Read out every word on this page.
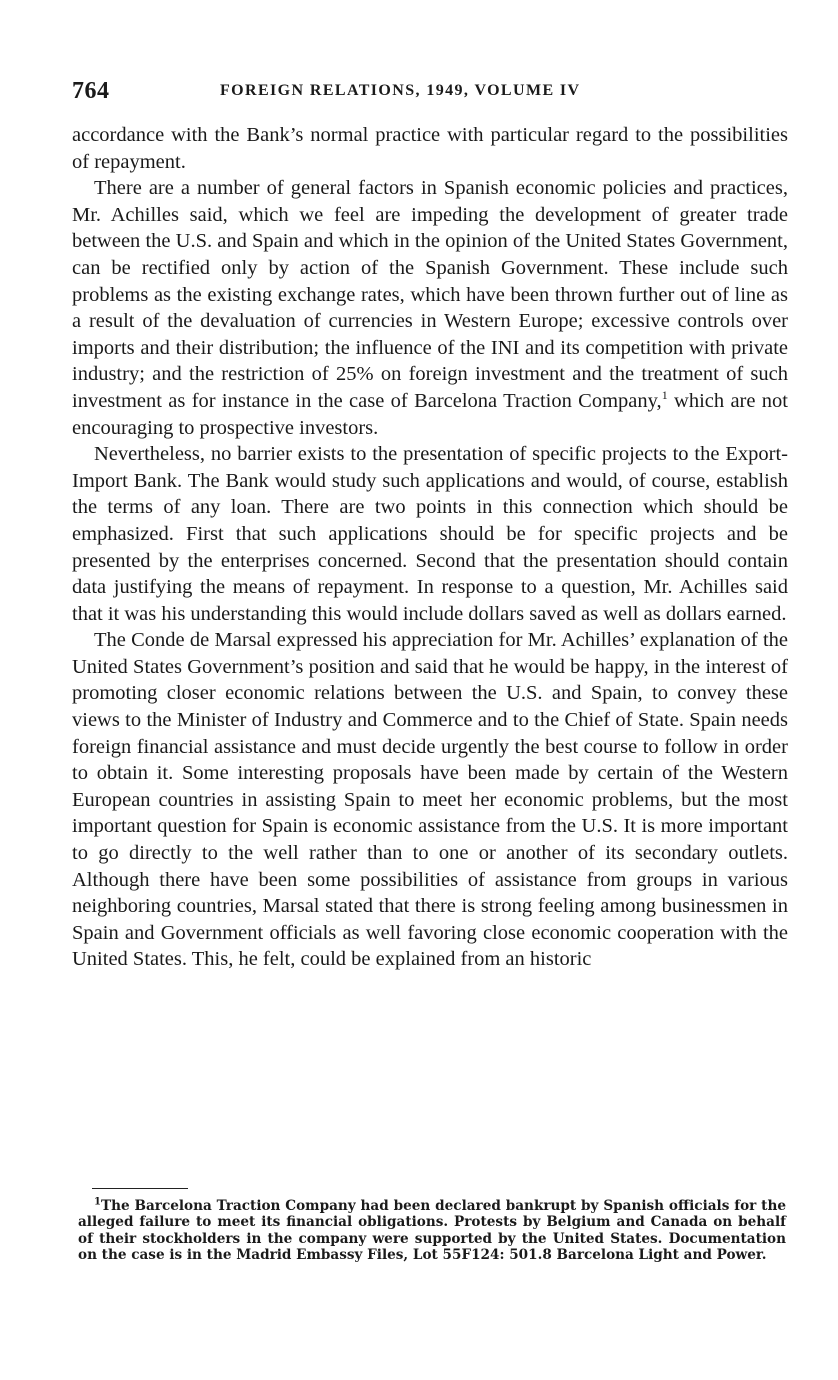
764	FOREIGN RELATIONS, 1949, VOLUME IV

accordance with the Bank’s normal practice with particular regard to the possibilities of repayment.

There are a number of general factors in Spanish economic policies and practices, Mr. Achilles said, which we feel are impeding the development of greater trade between the U.S. and Spain and which in the opinion of the United States Government, can be rectified only by action of the Spanish Government. These include such problems as the existing exchange rates, which have been thrown further out of line as a result of the devaluation of currencies in Western Europe; excessive controls over imports and their distribution; the influence of the INI and its competition with private industry; and the restriction of 25% on foreign investment and the treatment of such investment as for instance in the case of Barcelona Traction Company,$^1$ which are not encouraging to prospective investors.

Nevertheless, no barrier exists to the presentation of specific projects to the Export-Import Bank. The Bank would study such applications and would, of course, establish the terms of any loan. There are two points in this connection which should be emphasized. First that such applications should be for specific projects and be presented by the enterprises concerned. Second that the presentation should contain data justifying the means of repayment. In response to a question, Mr. Achilles said that it was his understanding this would include dollars saved as well as dollars earned.

The Conde de Marsal expressed his appreciation for Mr. Achilles’ explanation of the United States Government’s position and said that he would be happy, in the interest of promoting closer economic relations between the U.S. and Spain, to convey these views to the Minister of Industry and Commerce and to the Chief of State. Spain needs foreign financial assistance and must decide urgently the best course to follow in order to obtain it. Some interesting proposals have been made by certain of the Western European countries in assisting Spain to meet her economic problems, but the most important question for Spain is economic assistance from the U.S. It is more important to go directly to the well rather than to one or another of its secondary outlets. Although there have been some possibilities of assistance from groups in various neighboring countries, Marsal stated that there is strong feeling among businessmen in Spain and Government officials as well favoring close economic cooperation with the United States. This, he felt, could be explained from an historic

$^1$The Barcelona Traction Company had been declared bankrupt by Spanish officials for the alleged failure to meet its financial obligations. Protests by Belgium and Canada on behalf of their stockholders in the company were supported by the United States. Documentation on the case is in the Madrid Embassy Files, Lot 55F124: 501.8 Barcelona Light and Power.
